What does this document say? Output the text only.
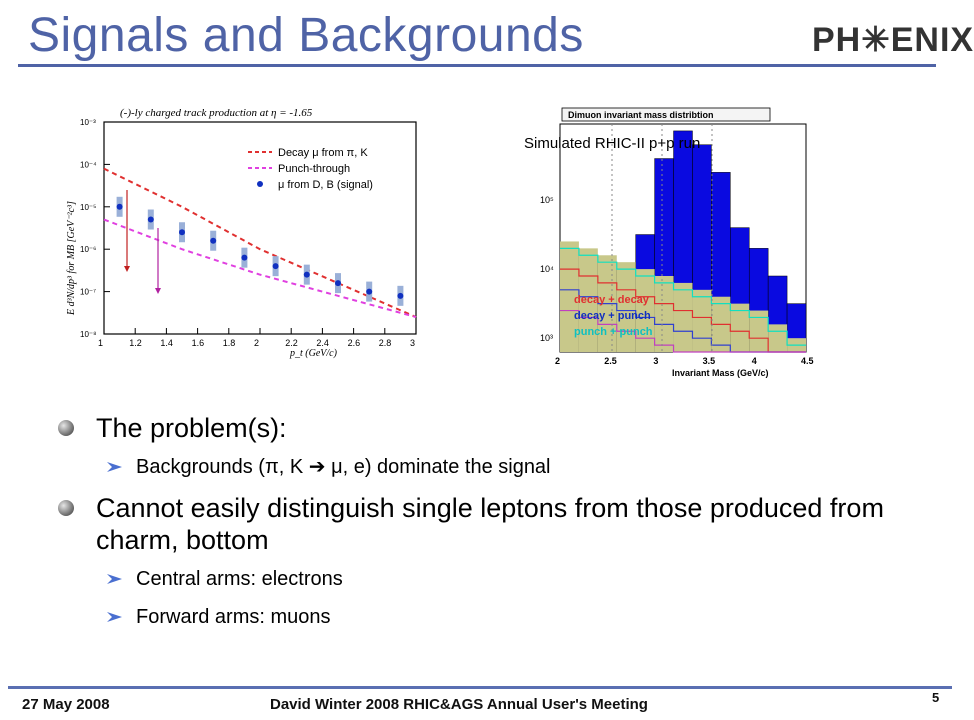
Signals and Backgrounds	PH✳ENIX
(-)-ly charged track production at η = -1.65
p_t (GeV/c)
E d³N/dp³ for MB [GeV⁻²c³]
1	1.2 1.4 1.6 1.8 2	2.2 2.4 2.6 2.8 3
10⁻⁸
10⁻⁷
10⁻⁶
10⁻⁵
10⁻⁴
10⁻³
Decay μ from π, K
Punch-through
μ from D, B (signal)
Dimuon invariant mass distribtion
2	2.5	3	3.5	4	4.5
10³
10⁴
10⁵
Invariant Mass (GeV/c)
decay + decay
decay + punch
punch + punch
Simulated RHIC-II p+p run
The problem(s):
Backgrounds (π, K ➔ μ, e) dominate the signal
Cannot easily distinguish single leptons from those produced from charm, bottom
Central arms: electrons
Forward arms: muons
27 May 2008	David Winter 2008 RHIC&AGS Annual User's Meeting	5
